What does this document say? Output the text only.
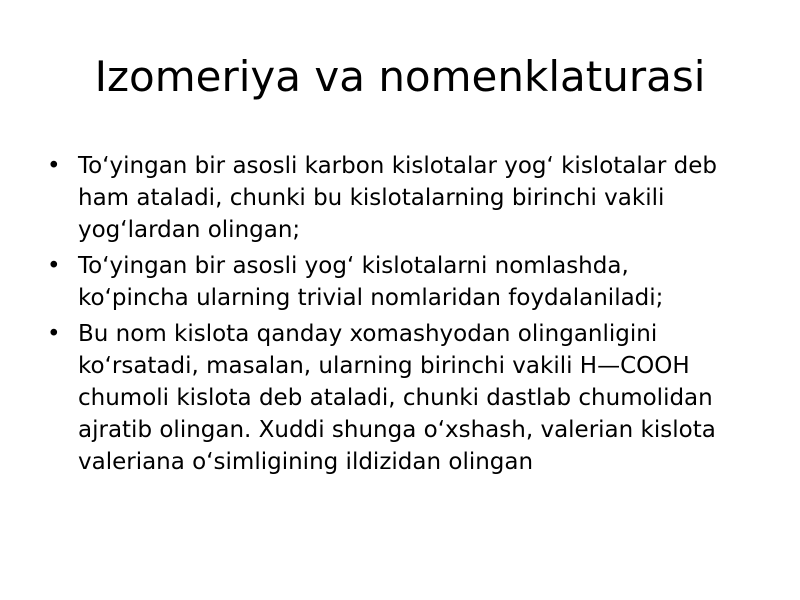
Izomeriya va nomenklaturasi
• To‘yingan bir asosli karbon kislotalar yog‘ kislotalar deb
ham ataladi, chunki bu kislotalarning birinchi vakili
yog‘lardan olingan;
• To‘yingan bir asosli yog‘ kislotalarni nomlashda,
ko‘pincha ularning trivial nomlaridan foydalaniladi;
• Bu nom kislota qanday xomashyodan olinganligini
ko‘rsatadi, masalan, ularning birinchi vakili H—COOH
chumoli kislota deb ataladi, chunki dastlab chumolidan
ajratib olingan. Xuddi shunga o‘xshash, valerian kislota
valeriana o‘simligining ildizidan olingan
